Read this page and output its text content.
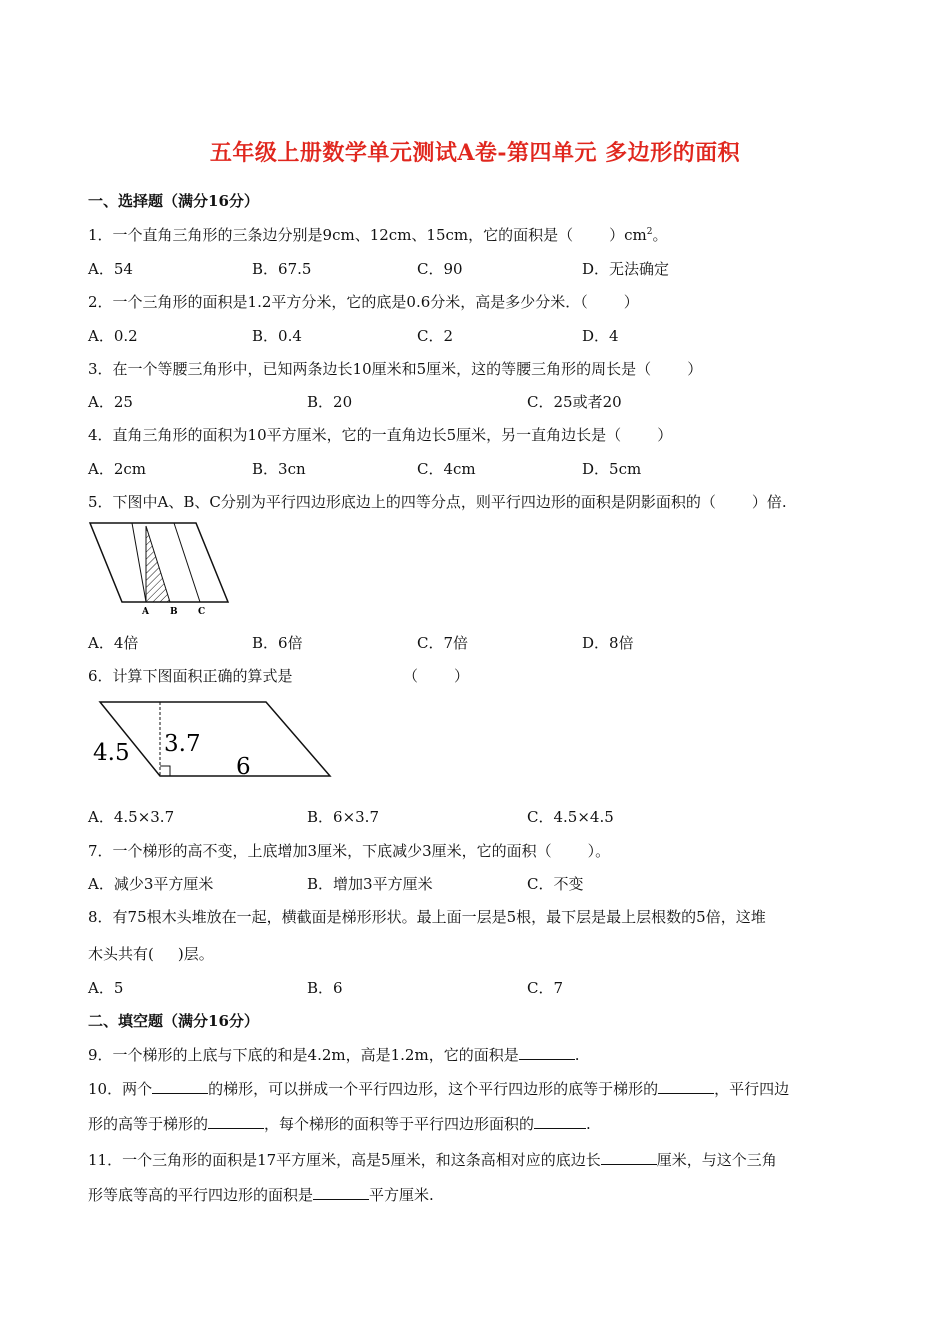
五年级上册数学单元测试A卷-第四单元 多边形的面积
一、选择题（满分16分）
1．一个直角三角形的三条边分别是9cm、12cm、15cm，它的面积是（ ）$cm^2$。
A．54	B．67.5	C．90	D．无法确定
2．一个三角形的面积是1.2平方分米，它的底是0.6分米，高是多少分米．（ ）
A．0.2	B．0.4	C．2	D．4
3．在一个等腰三角形中，已知两条边长10厘米和5厘米，这的等腰三角形的周长是（ ）
A．25	B．20	C．25或者20
4．直角三角形的面积为10平方厘米，它的一直角边长5厘米，另一直角边长是（ ）
A．2cm	B．3cn	C．4cm	D．5cm
5．下图中A、B、C分别为平行四边形底边上的四等分点，则平行四边形的面积是阴影面积的（ ）倍.
A B C
A．4倍	B．6倍	C．7倍	D．8倍
6．计算下图面积正确的算式是	（ ）
4.5 3.7
6
A．4.5×3.7	B．6×3.7	C．4.5×4.5
7．一个梯形的高不变，上底增加3厘米，下底减少3厘米，它的面积（ ）。
A．减少3平方厘米	B．增加3平方厘米	C．不变
8．有75根木头堆放在一起，横截面是梯形形状。最上面一层是5根，最下层是最上层根数的5倍，这堆
木头共有( )层。
A．5	B．6	C．7
二、填空题（满分16分）
9．一个梯形的上底与下底的和是4.2m，高是1.2m，它的面积是	.
10．两个	的梯形，可以拼成一个平行四边形，这个平行四边形的底等于梯形的	，平行四边
形的高等于梯形的	，每个梯形的面积等于平行四边形面积的	.
11．一个三角形的面积是17平方厘米，高是5厘米，和这条高相对应的底边长	厘米，与这个三角
形等底等高的平行四边形的面积是	平方厘米.
